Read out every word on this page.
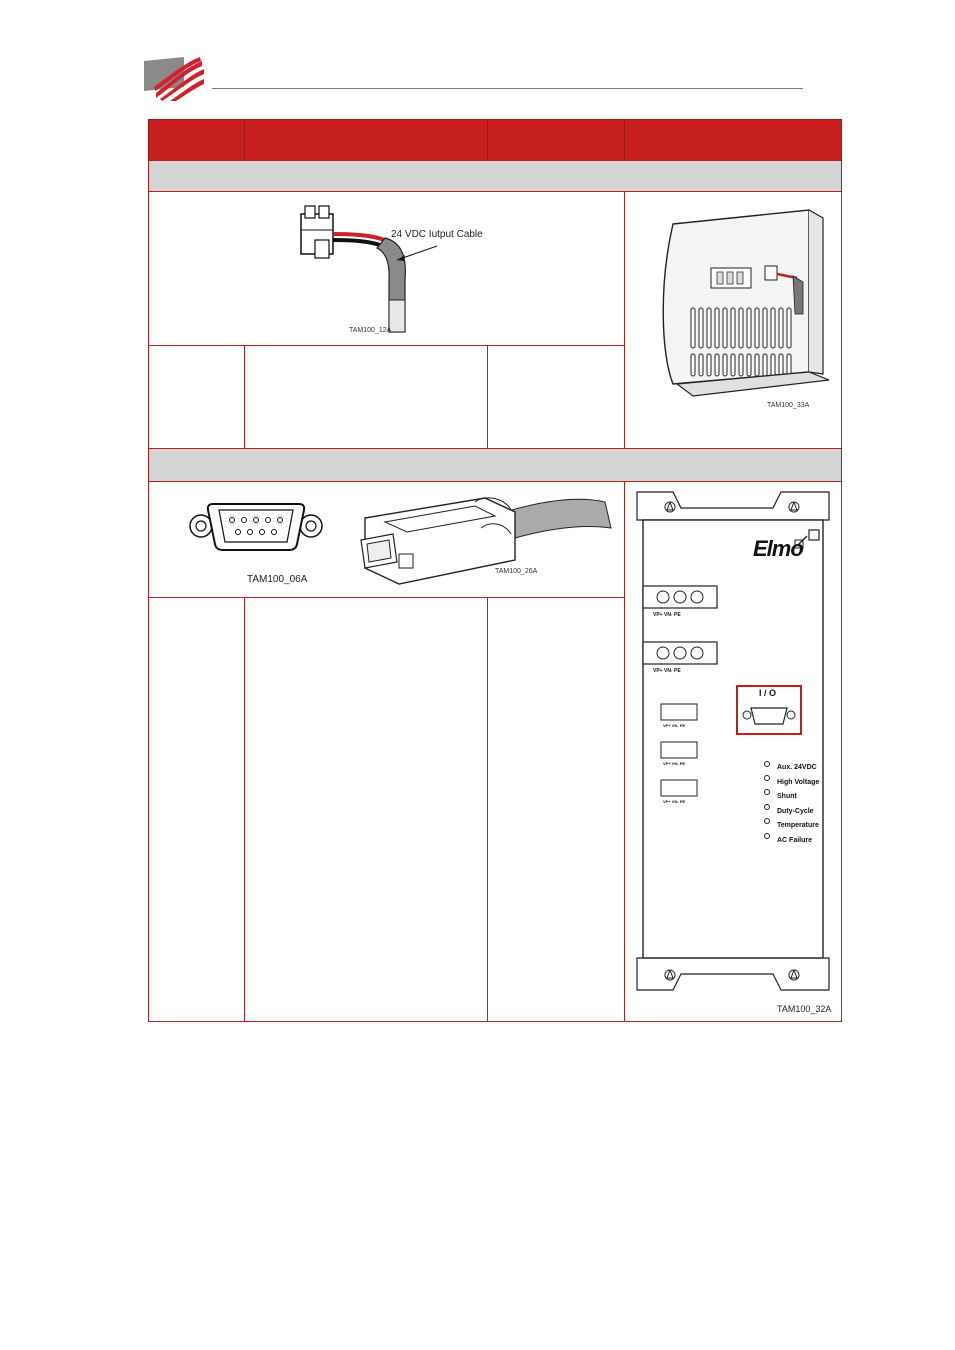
24 VDC Iutput Cable
TAM100_12A
TAM100_33A
TAM100_06A
TAM100_26A
Elmo
I / O
VP+ VN- PE
VP+ VN- PE
VP+ VN- PE
VP+ VN- PE
VP+ VN- PE
Aux. 24VDC
High Voltage
Shunt
Duty-Cycle
Temperature
AC Failure
TAM100_32A
